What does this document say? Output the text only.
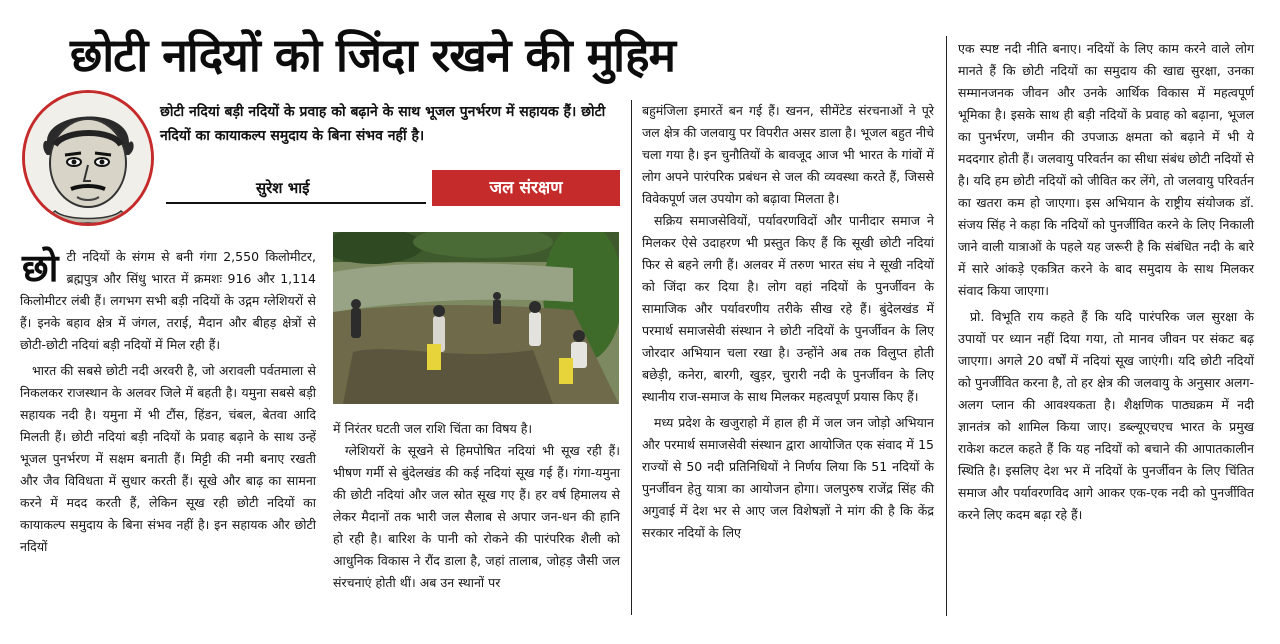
छोटी नदियों को जिंदा रखने की मुहिम
छोटी नदियां बड़ी नदियों के प्रवाह को बढ़ाने के साथ भूजल पुनर्भरण में सहायक हैं। छोटी नदियों का कायाकल्प समुदाय के बिना संभव नहीं है।
सुरेश भाई	जल संरक्षण

छोटी नदियों के संगम से बनी गंगा 2,550 किलोमीटर, ब्रह्मपुत्र और सिंधु भारत में क्रमशः 916 और 1,114 किलोमीटर लंबी हैं। लगभग सभी बड़ी नदियों के उद्गम ग्लेशियरों से हैं। इनके बहाव क्षेत्र में जंगल, तराई, मैदान और बीहड़ क्षेत्रों से छोटी-छोटी नदियां बड़ी नदियों में मिल रही हैं।

भारत की सबसे छोटी नदी अरवरी है, जो अरावली पर्वतमाला से निकलकर राजस्थान के अलवर जिले में बहती है। यमुना सबसे बड़ी सहायक नदी है। यमुना में भी टौंस, हिंडन, चंबल, बेतवा आदि मिलती हैं। छोटी नदियां बड़ी नदियों के प्रवाह बढ़ाने के साथ उन्हें भूजल पुनर्भरण में सक्षम बनाती हैं। मिट्टी की नमी बनाए रखती और जैव विविधता में सुधार करती हैं। सूखे और बाढ़ का सामना करने में मदद करती हैं, लेकिन सूख रही छोटी नदियों का कायाकल्प समुदाय के बिना संभव नहीं है। इन सहायक और छोटी नदियों

में निरंतर घटती जल राशि चिंता का विषय है।

ग्लेशियरों के सूखने से हिमपोषित नदियां भी सूख रही हैं। भीषण गर्मी से बुंदेलखंड की कई नदियां सूख गई हैं। गंगा-यमुना की छोटी नदियां और जल स्रोत सूख गए हैं। हर वर्ष हिमालय से लेकर मैदानों तक भारी जल सैलाब से अपार जन-धन की हानि हो रही है। बारिश के पानी को रोकने की पारंपरिक शैली को आधुनिक विकास ने रौंद डाला है, जहां तालाब, जोहड़ जैसी जल संरचनाएं होती थीं। अब उन स्थानों पर

बहुमंजिला इमारतें बन गई हैं। खनन, सीमेंटेड संरचनाओं ने पूरे जल क्षेत्र की जलवायु पर विपरीत असर डाला है। भूजल बहुत नीचे चला गया है। इन चुनौतियों के बावजूद आज भी भारत के गांवों में लोग अपने पारंपरिक प्रबंधन से जल की व्यवस्था करते हैं, जिससे विवेकपूर्ण जल उपयोग को बढ़ावा मिलता है।

सक्रिय समाजसेवियों, पर्यावरणविदों और पानीदार समाज ने मिलकर ऐसे उदाहरण भी प्रस्तुत किए हैं कि सूखी छोटी नदियां फिर से बहने लगी हैं। अलवर में तरुण भारत संघ ने सूखी नदियों को जिंदा कर दिया है। लोग वहां नदियों के पुनर्जीवन के सामाजिक और पर्यावरणीय तरीके सीख रहे हैं। बुंदेलखंड में परमार्थ समाजसेवी संस्थान ने छोटी नदियों के पुनर्जीवन के लिए जोरदार अभियान चला रखा है। उन्होंने अब तक विलुप्त होती बछेड़ी, कनेरा, बारगी, खुड़र, चुरारी नदी के पुनर्जीवन के लिए स्थानीय राज-समाज के साथ मिलकर महत्वपूर्ण प्रयास किए हैं।

मध्य प्रदेश के खजुराहो में हाल ही में जल जन जोड़ो अभियान और परमार्थ समाजसेवी संस्थान द्वारा आयोजित एक संवाद में 15 राज्यों से 50 नदी प्रतिनिधियों ने निर्णय लिया कि 51 नदियों के पुनर्जीवन हेतु यात्रा का आयोजन होगा। जलपुरुष राजेंद्र सिंह की अगुवाई में देश भर से आए जल विशेषज्ञों ने मांग की है कि केंद्र सरकार नदियों के लिए

एक स्पष्ट नदी नीति बनाए। नदियों के लिए काम करने वाले लोग मानते हैं कि छोटी नदियों का समुदाय की खाद्य सुरक्षा, उनका सम्मानजनक जीवन और उनके आर्थिक विकास में महत्वपूर्ण भूमिका है। इसके साथ ही बड़ी नदियों के प्रवाह को बढ़ाना, भूजल का पुनर्भरण, जमीन की उपजाऊ क्षमता को बढ़ाने में भी ये मददगार होती हैं। जलवायु परिवर्तन का सीधा संबंध छोटी नदियों से है। यदि हम छोटी नदियों को जीवित कर लेंगे, तो जलवायु परिवर्तन का खतरा कम हो जाएगा। इस अभियान के राष्ट्रीय संयोजक डॉ. संजय सिंह ने कहा कि नदियों को पुनर्जीवित करने के लिए निकाली जाने वाली यात्राओं के पहले यह जरूरी है कि संबंधित नदी के बारे में सारे आंकड़े एकत्रित करने के बाद समुदाय के साथ मिलकर संवाद किया जाएगा।

प्रो. विभूति राय कहते हैं कि यदि पारंपरिक जल सुरक्षा के उपायों पर ध्यान नहीं दिया गया, तो मानव जीवन पर संकट बढ़ जाएगा। अगले 20 वर्षों में नदियां सूख जाएंगी। यदि छोटी नदियों को पुनर्जीवित करना है, तो हर क्षेत्र की जलवायु के अनुसार अलग-अलग प्लान की आवश्यकता है। शैक्षणिक पाठ्यक्रम में नदी ज्ञानतंत्र को शामिल किया जाए। डब्ल्यूएचएच भारत के प्रमुख राकेश कटल कहते हैं कि यह नदियों को बचाने की आपातकालीन स्थिति है। इसलिए देश भर में नदियों के पुनर्जीवन के लिए चिंतित समाज और पर्यावरणविद आगे आकर एक-एक नदी को पुनर्जीवित करने लिए कदम बढ़ा रहे हैं।
